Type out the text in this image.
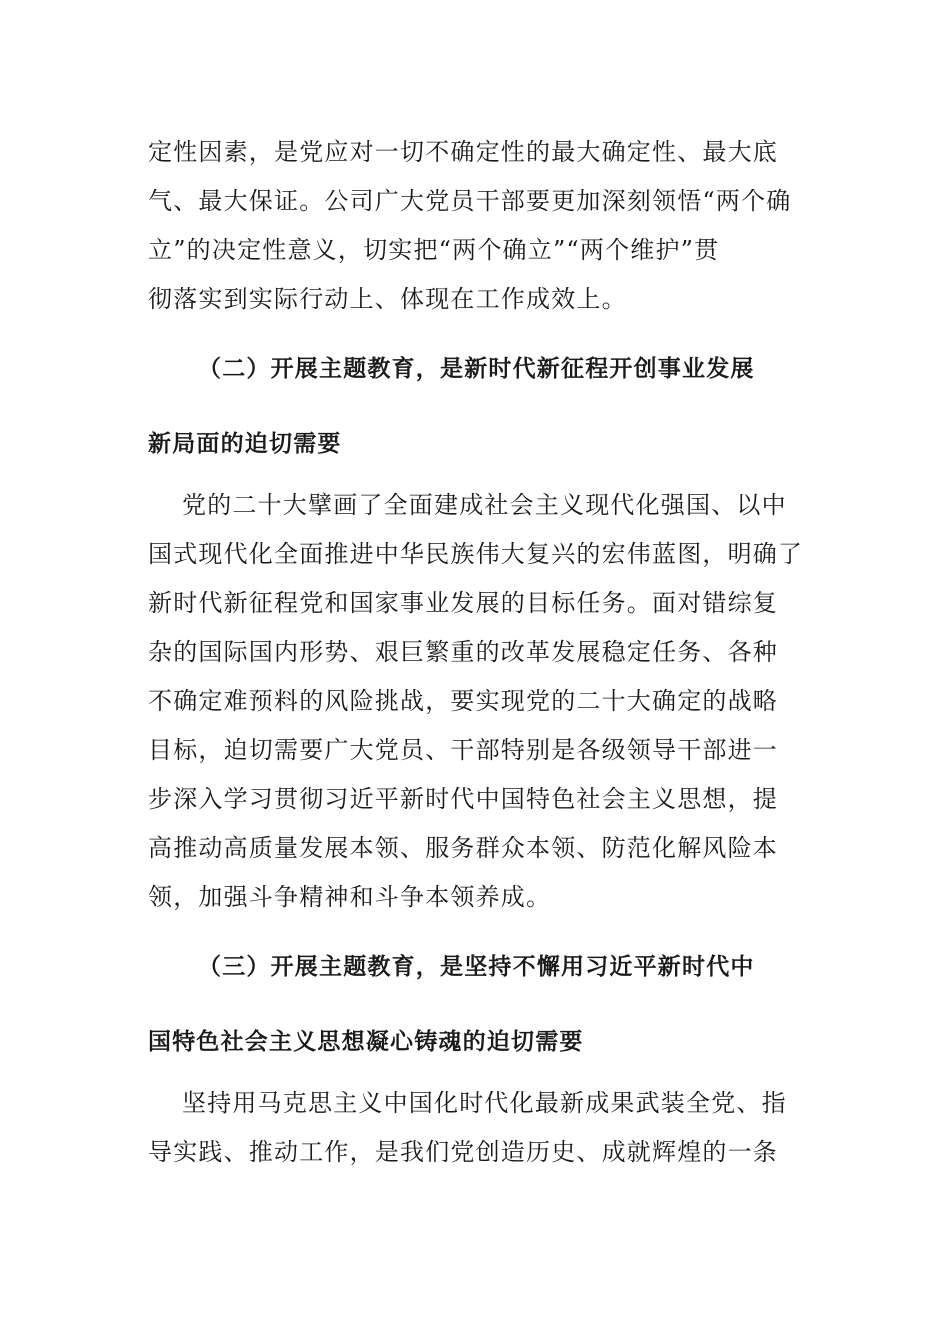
定性因素，是党应对一切不确定性的最大确定性、最大底
气、最大保证。公司广大党员干部要更加深刻领悟“两个确
立”的决定性意义，切实把“两个确立”“两个维护”贯
彻落实到实际行动上、体现在工作成效上。

（二）开展主题教育，是新时代新征程开创事业发展
新局面的迫切需要

党的二十大擘画了全面建成社会主义现代化强国、以中
国式现代化全面推进中华民族伟大复兴的宏伟蓝图，明确了
新时代新征程党和国家事业发展的目标任务。面对错综复
杂的国际国内形势、艰巨繁重的改革发展稳定任务、各种
不确定难预料的风险挑战，要实现党的二十大确定的战略
目标，迫切需要广大党员、干部特别是各级领导干部进一
步深入学习贯彻习近平新时代中国特色社会主义思想，提
高推动高质量发展本领、服务群众本领、防范化解风险本
领，加强斗争精神和斗争本领养成。

（三）开展主题教育，是坚持不懈用习近平新时代中
国特色社会主义思想凝心铸魂的迫切需要

坚持用马克思主义中国化时代化最新成果武装全党、指
导实践、推动工作，是我们党创造历史、成就辉煌的一条
